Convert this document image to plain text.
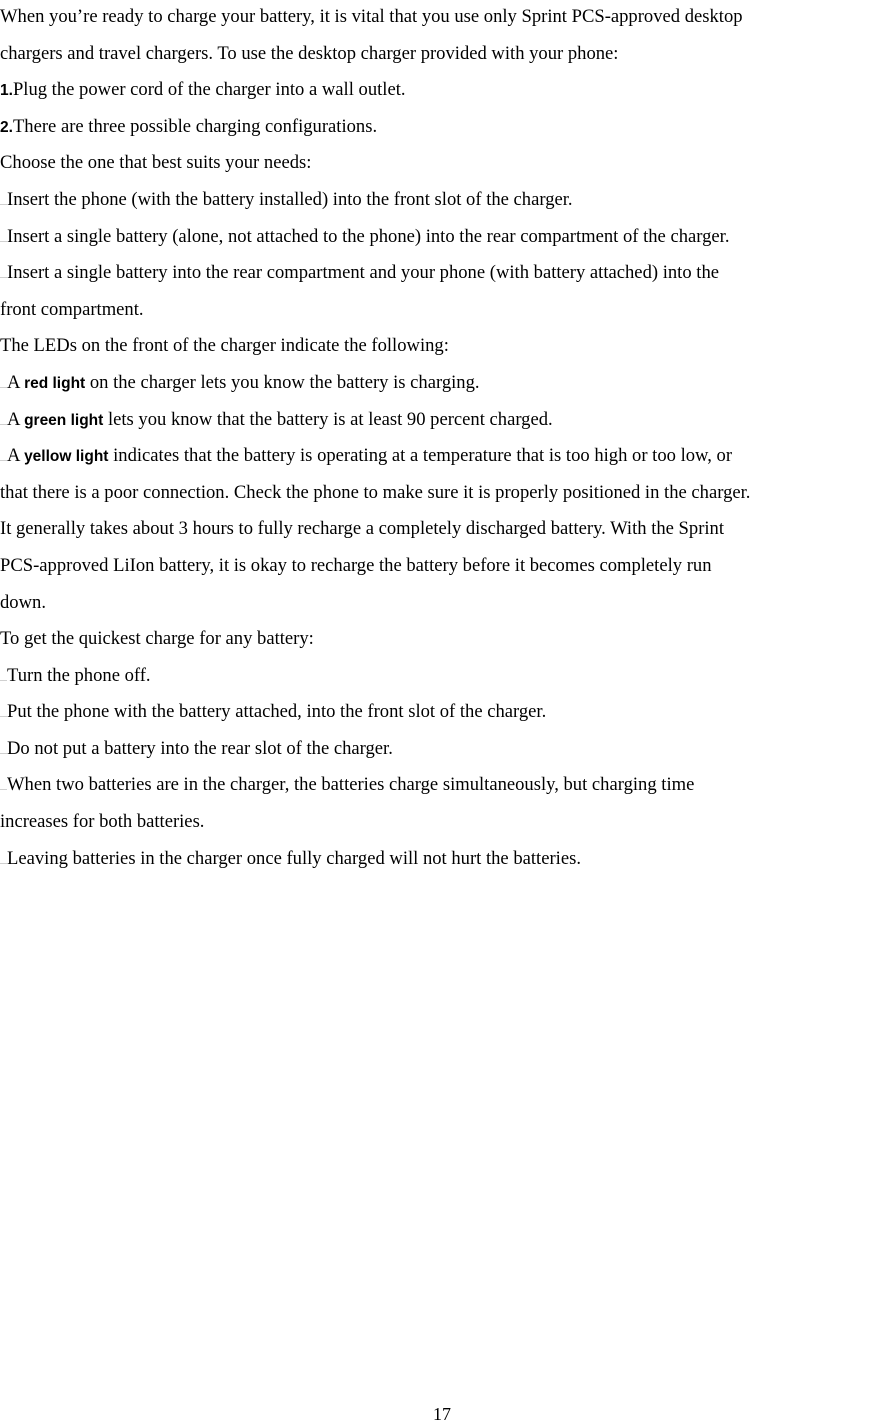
When you’re ready to charge your battery, it is vital that you use only Sprint PCS-approved desktop
chargers and travel chargers. To use the desktop charger provided with your phone:
1.Plug the power cord of the charger into a wall outlet.
2.There are three possible charging configurations.
Choose the one that best suits your needs:
Insert the phone (with the battery installed) into the front slot of the charger.
Insert a single battery (alone, not attached to the phone) into the rear compartment of the charger.
Insert a single battery into the rear compartment and your phone (with battery attached) into the
front compartment.
The LEDs on the front of the charger indicate the following:
A red light on the charger lets you know the battery is charging.
A green light lets you know that the battery is at least 90 percent charged.
A yellow light indicates that the battery is operating at a temperature that is too high or too low, or
that there is a poor connection. Check the phone to make sure it is properly positioned in the charger.
It generally takes about 3 hours to fully recharge a completely discharged battery. With the Sprint
PCS-approved LiIon battery, it is okay to recharge the battery before it becomes completely run
down.
To get the quickest charge for any battery:
Turn the phone off.
Put the phone with the battery attached, into the front slot of the charger.
Do not put a battery into the rear slot of the charger.
When two batteries are in the charger, the batteries charge simultaneously, but charging time
increases for both batteries.
Leaving batteries in the charger once fully charged will not hurt the batteries.
17
